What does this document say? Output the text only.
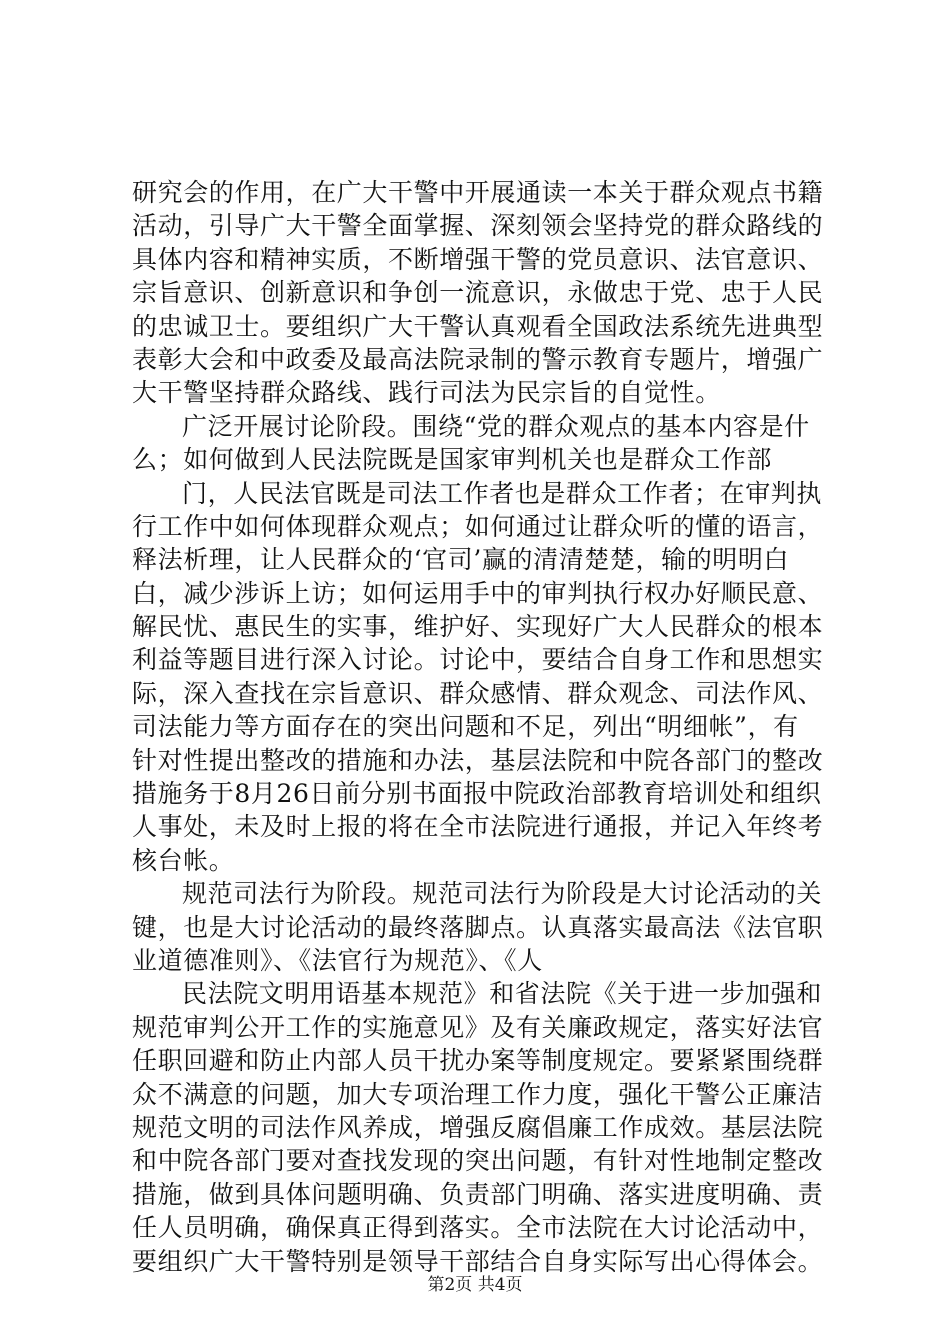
研究会的作用，在广大干警中开展通读一本关于群众观点书籍
活动，引导广大干警全面掌握、深刻领会坚持党的群众路线的
具体内容和精神实质，不断增强干警的党员意识、法官意识、
宗旨意识、创新意识和争创一流意识，永做忠于党、忠于人民
的忠诚卫士。要组织广大干警认真观看全国政法系统先进典型
表彰大会和中政委及最高法院录制的警示教育专题片，增强广
大干警坚持群众路线、践行司法为民宗旨的自觉性。
广泛开展讨论阶段。围绕“党的群众观点的基本内容是什
么；如何做到人民法院既是国家审判机关也是群众工作部
门，人民法官既是司法工作者也是群众工作者；在审判执
行工作中如何体现群众观点；如何通过让群众听的懂的语言，
释法析理，让人民群众的‘官司’赢的清清楚楚，输的明明白
白，减少涉诉上访；如何运用手中的审判执行权办好顺民意、
解民忧、惠民生的实事，维护好、实现好广大人民群众的根本
利益等题目进行深入讨论。讨论中，要结合自身工作和思想实
际，深入查找在宗旨意识、群众感情、群众观念、司法作风、
司法能力等方面存在的突出问题和不足，列出“明细帐”，有
针对性提出整改的措施和办法，基层法院和中院各部门的整改
措施务于8月26日前分别书面报中院政治部教育培训处和组织
人事处，未及时上报的将在全市法院进行通报，并记入年终考
核台帐。
规范司法行为阶段。规范司法行为阶段是大讨论活动的关
键，也是大讨论活动的最终落脚点。认真落实最高法《法官职
业道德准则》、《法官行为规范》、《人
民法院文明用语基本规范》和省法院《关于进一步加强和
规范审判公开工作的实施意见》及有关廉政规定，落实好法官
任职回避和防止内部人员干扰办案等制度规定。要紧紧围绕群
众不满意的问题，加大专项治理工作力度，强化干警公正廉洁
规范文明的司法作风养成，增强反腐倡廉工作成效。基层法院
和中院各部门要对查找发现的突出问题，有针对性地制定整改
措施，做到具体问题明确、负责部门明确、落实进度明确、责
任人员明确，确保真正得到落实。全市法院在大讨论活动中，
要组织广大干警特别是领导干部结合自身实际写出心得体会。
第2页 共4页
